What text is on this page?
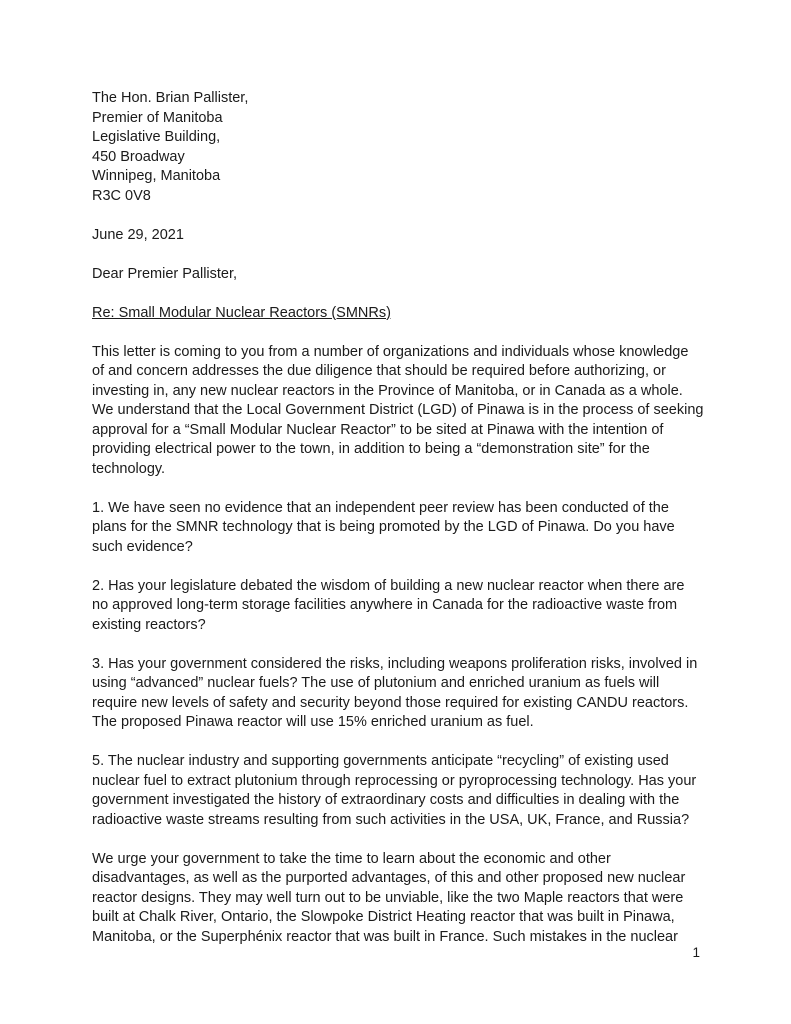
The Hon. Brian Pallister,
Premier of Manitoba
Legislative Building,
450 Broadway
Winnipeg, Manitoba
R3C 0V8
June 29, 2021
Dear Premier Pallister,
Re: Small Modular Nuclear Reactors (SMNRs)

This letter is coming to you from a number of organizations and individuals whose knowledge of and concern addresses the due diligence that should be required before authorizing, or investing in, any new nuclear reactors in the Province of Manitoba, or in Canada as a whole. We understand that the Local Government District (LGD) of Pinawa is in the process of seeking approval for a “Small Modular Nuclear Reactor” to be sited at Pinawa with the intention of providing electrical power to the town, in addition to being a “demonstration site” for the technology.

1. We have seen no evidence that an independent peer review has been conducted of the plans for the SMNR technology that is being promoted by the LGD of Pinawa. Do you have such evidence?

2. Has your legislature debated the wisdom of building a new nuclear reactor when there are no approved long-term storage facilities anywhere in Canada for the radioactive waste from existing reactors?

3. Has your government considered the risks, including weapons proliferation risks, involved in using “advanced” nuclear fuels? The use of plutonium and enriched uranium as fuels will require new levels of safety and security beyond those required for existing CANDU reactors. The proposed Pinawa reactor will use 15% enriched uranium as fuel.

5. The nuclear industry and supporting governments anticipate “recycling” of existing used nuclear fuel to extract plutonium through reprocessing or pyroprocessing technology. Has your government investigated the history of extraordinary costs and difficulties in dealing with the radioactive waste streams resulting from such activities in the USA, UK, France, and Russia?

We urge your government to take the time to learn about the economic and other disadvantages, as well as the purported advantages, of this and other proposed new nuclear reactor designs. They may well turn out to be unviable, like the two Maple reactors that were built at Chalk River, Ontario, the Slowpoke District Heating reactor that was built in Pinawa, Manitoba, or the Superphénix reactor that was built in France. Such mistakes in the nuclear

1
